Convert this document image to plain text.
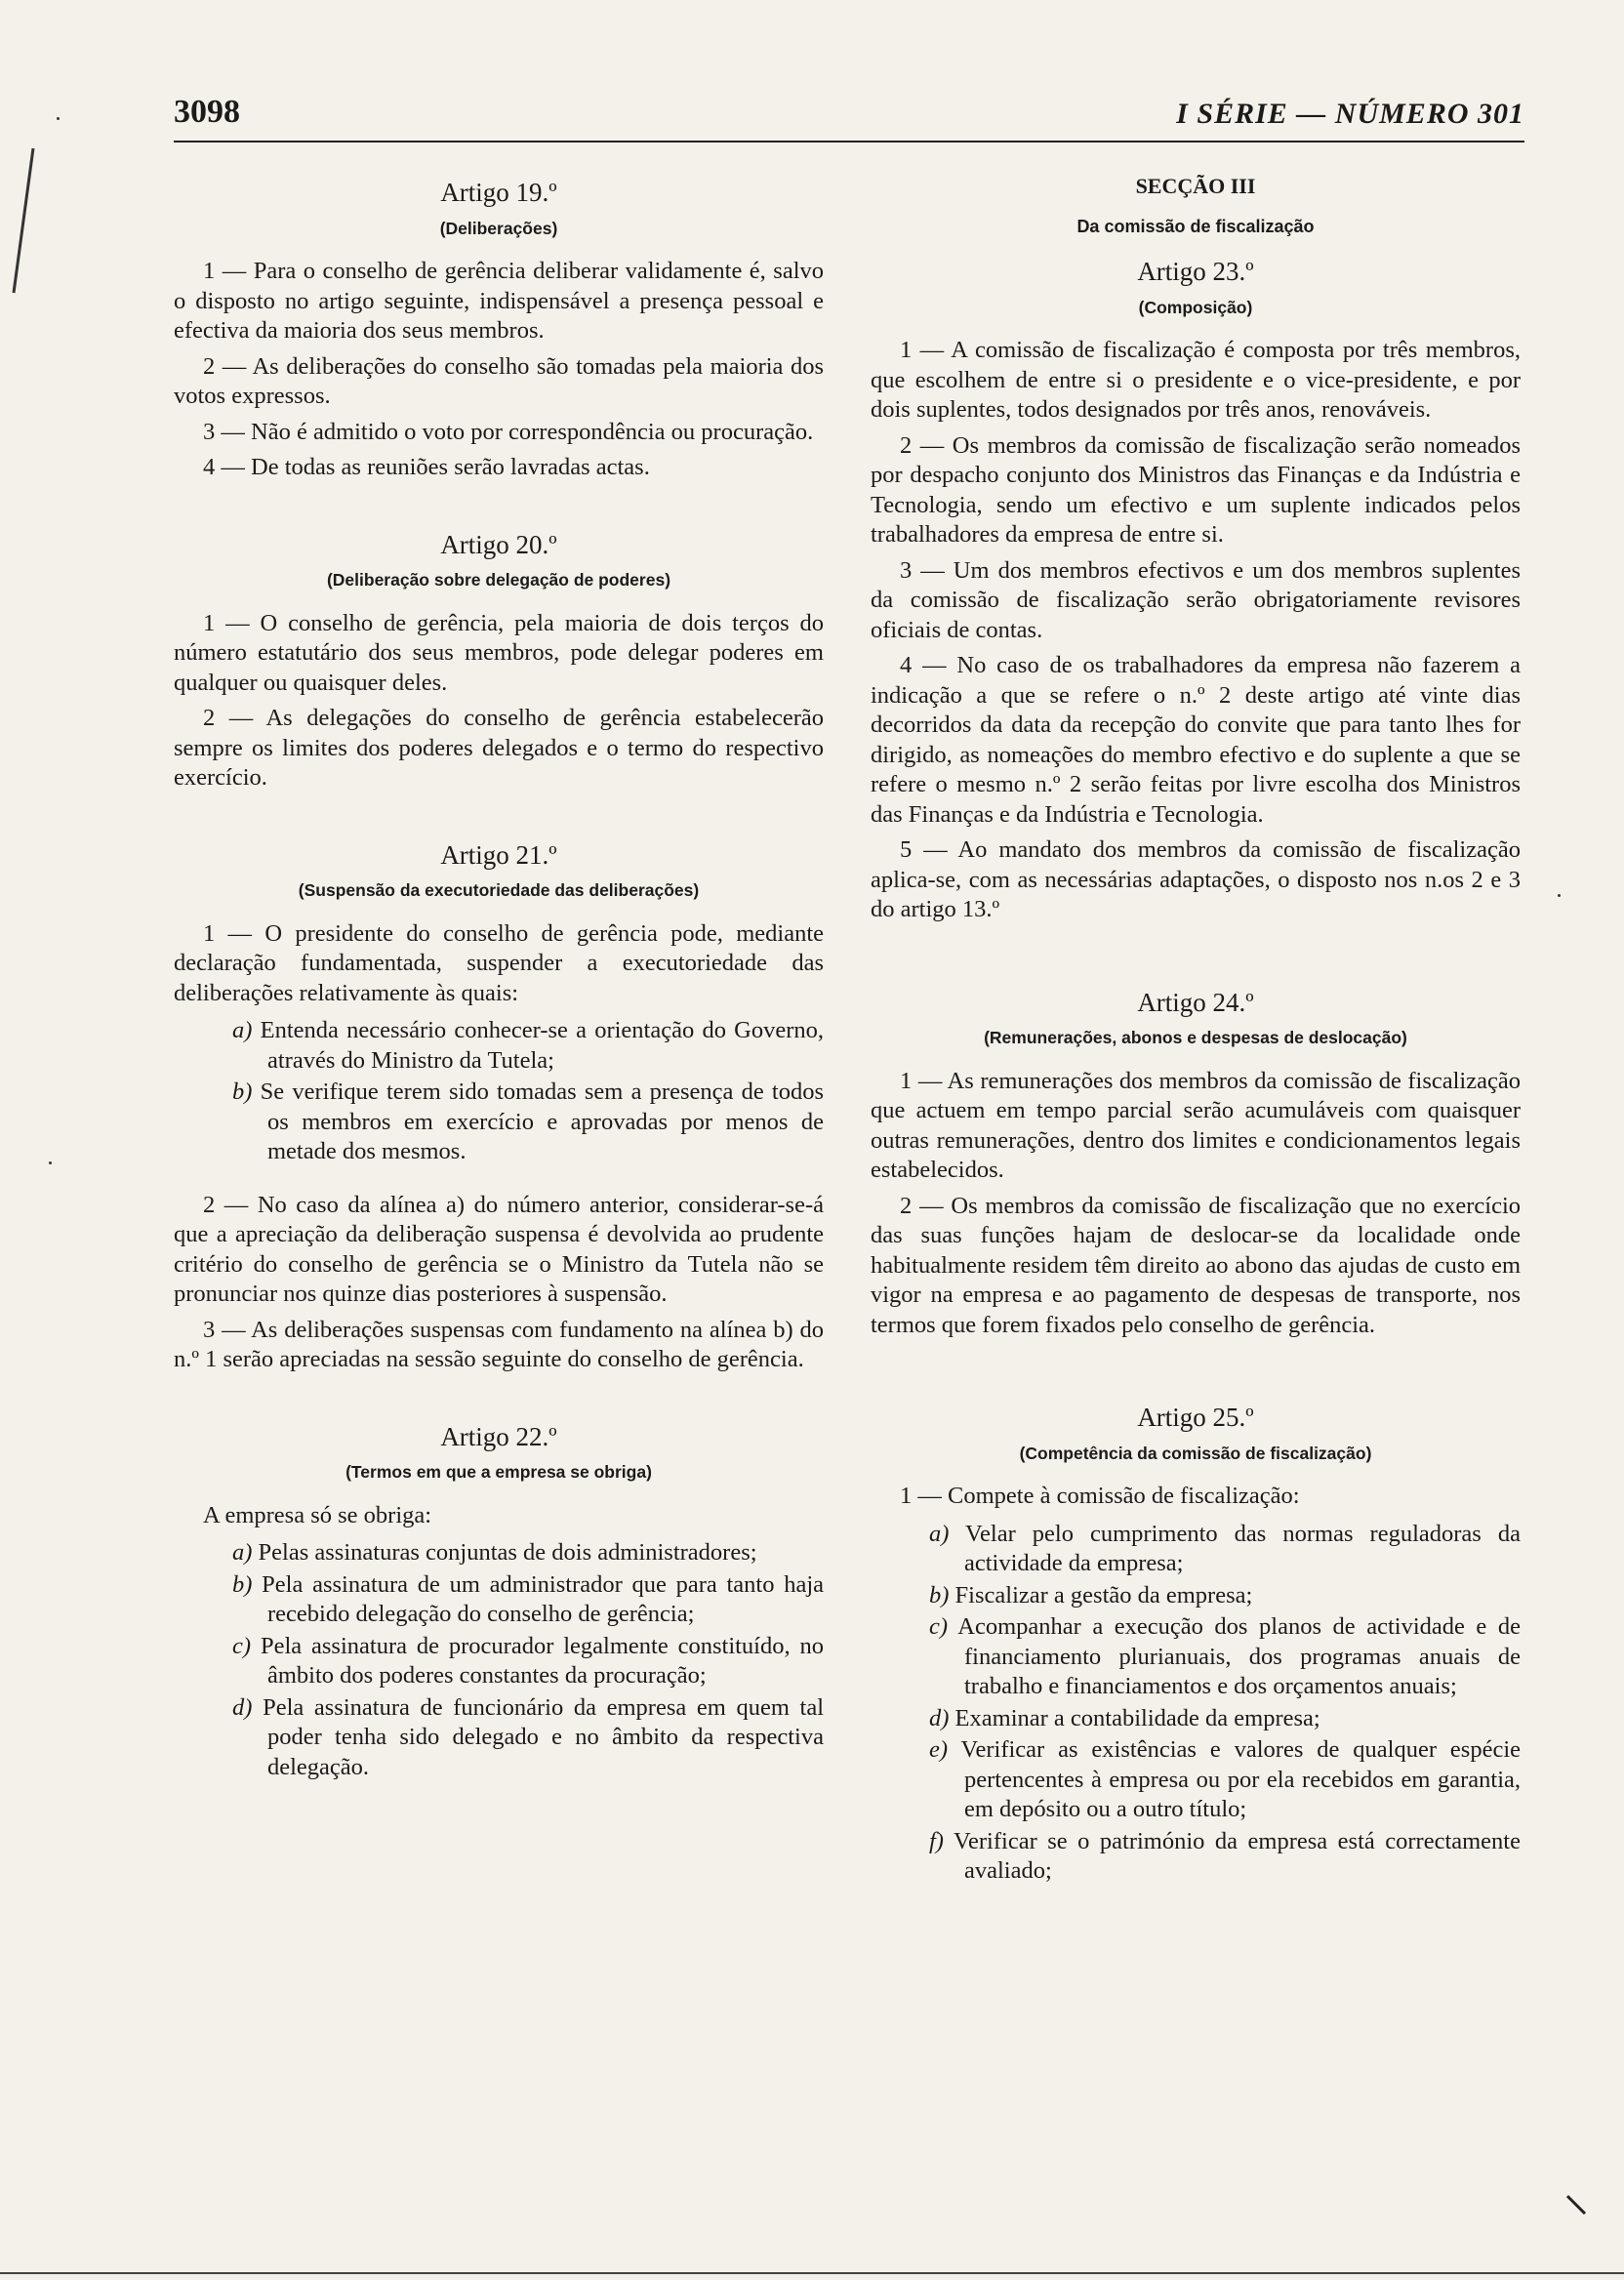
3098	I SÉRIE — NÚMERO 301
Artigo 19.º
(Deliberações)

1 — Para o conselho de gerência deliberar validamente é, salvo o disposto no artigo seguinte, indispensável a presença pessoal e efectiva da maioria dos seus membros.

2 — As deliberações do conselho são tomadas pela maioria dos votos expressos.

3 — Não é admitido o voto por correspondência ou procuração.

4 — De todas as reuniões serão lavradas actas.

Artigo 20.º
(Deliberação sobre delegação de poderes)

1 — O conselho de gerência, pela maioria de dois terços do número estatutário dos seus membros, pode delegar poderes em qualquer ou quaisquer deles.

2 — As delegações do conselho de gerência estabelecerão sempre os limites dos poderes delegados e o termo do respectivo exercício.

Artigo 21.º
(Suspensão da executoriedade das deliberações)

1 — O presidente do conselho de gerência pode, mediante declaração fundamentada, suspender a executoriedade das deliberações relativamente às quais:

a) Entenda necessário conhecer-se a orientação do Governo, através do Ministro da Tutela;
b) Se verifique terem sido tomadas sem a presença de todos os membros em exercício e aprovadas por menos de metade dos mesmos.

2 — No caso da alínea a) do número anterior, considerar-se-á que a apreciação da deliberação suspensa é devolvida ao prudente critério do conselho de gerência se o Ministro da Tutela não se pronunciar nos quinze dias posteriores à suspensão.

3 — As deliberações suspensas com fundamento na alínea b) do n.º 1 serão apreciadas na sessão seguinte do conselho de gerência.

Artigo 22.º
(Termos em que a empresa se obriga)

A empresa só se obriga:

a) Pelas assinaturas conjuntas de dois administradores;
b) Pela assinatura de um administrador que para tanto haja recebido delegação do conselho de gerência;
c) Pela assinatura de procurador legalmente constituído, no âmbito dos poderes constantes da procuração;
d) Pela assinatura de funcionário da empresa em quem tal poder tenha sido delegado e no âmbito da respectiva delegação.
SECÇÃO III
Da comissão de fiscalização
Artigo 23.º
(Composição)

1 — A comissão de fiscalização é composta por três membros, que escolhem de entre si o presidente e o vice-presidente, e por dois suplentes, todos designados por três anos, renováveis.

2 — Os membros da comissão de fiscalização serão nomeados por despacho conjunto dos Ministros das Finanças e da Indústria e Tecnologia, sendo um efectivo e um suplente indicados pelos trabalhadores da empresa de entre si.

3 — Um dos membros efectivos e um dos membros suplentes da comissão de fiscalização serão obrigatoriamente revisores oficiais de contas.

4 — No caso de os trabalhadores da empresa não fazerem a indicação a que se refere o n.º 2 deste artigo até vinte dias decorridos da data da recepção do convite que para tanto lhes for dirigido, as nomeações do membro efectivo e do suplente a que se refere o mesmo n.º 2 serão feitas por livre escolha dos Ministros das Finanças e da Indústria e Tecnologia.

5 — Ao mandato dos membros da comissão de fiscalização aplica-se, com as necessárias adaptações, o disposto nos n.os 2 e 3 do artigo 13.º

Artigo 24.º
(Remunerações, abonos e despesas de deslocação)

1 — As remunerações dos membros da comissão de fiscalização que actuem em tempo parcial serão acumuláveis com quaisquer outras remunerações, dentro dos limites e condicionamentos legais estabelecidos.

2 — Os membros da comissão de fiscalização que no exercício das suas funções hajam de deslocar-se da localidade onde habitualmente residem têm direito ao abono das ajudas de custo em vigor na empresa e ao pagamento de despesas de transporte, nos termos que forem fixados pelo conselho de gerência.

Artigo 25.º
(Competência da comissão de fiscalização)

1 — Compete à comissão de fiscalização:

a) Velar pelo cumprimento das normas reguladoras da actividade da empresa;
b) Fiscalizar a gestão da empresa;
c) Acompanhar a execução dos planos de actividade e de financiamento plurianuais, dos programas anuais de trabalho e financiamentos e dos orçamentos anuais;
d) Examinar a contabilidade da empresa;
e) Verificar as existências e valores de qualquer espécie pertencentes à empresa ou por ela recebidos em garantia, em depósito ou a outro título;
f) Verificar se o património da empresa está correctamente avaliado;
